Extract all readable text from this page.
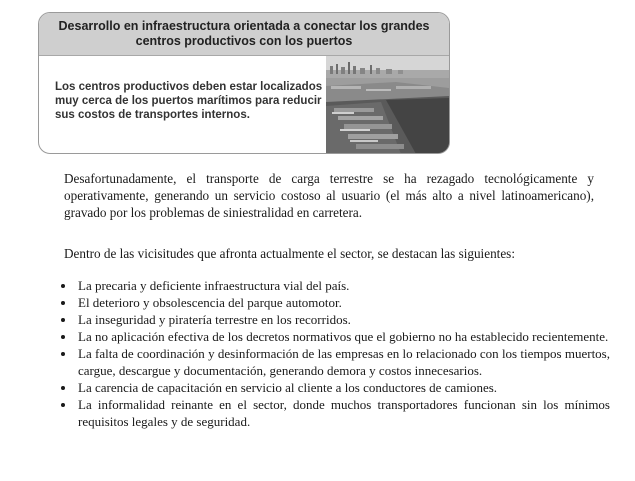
Desarrollo en infraestructura orientada a conectar los grandes centros productivos con los puertos
Los centros productivos deben estar localizados muy cerca de los puertos marítimos para reducir sus costos de transportes internos.

Desafortunadamente, el transporte de carga terrestre se ha rezagado tecnológicamente y operativamente, generando un servicio costoso al usuario (el más alto a nivel latinoamericano), gravado por los problemas de siniestralidad en carretera.

Dentro de las vicisitudes que afronta actualmente el sector, se destacan las siguientes:

• La precaria y deficiente infraestructura vial del país.
• El deterioro y obsolescencia del parque automotor.
• La inseguridad y piratería terrestre en los recorridos.
• La no aplicación efectiva de los decretos normativos que el gobierno no ha establecido recientemente.
• La falta de coordinación y desinformación de las empresas en lo relacionado con los tiempos muertos, cargue, descargue y documentación, generando demora y costos innecesarios.
• La carencia de capacitación en servicio al cliente a los conductores de camiones.
• La informalidad reinante en el sector, donde muchos transportadores funcionan sin los mínimos requisitos legales y de seguridad.
